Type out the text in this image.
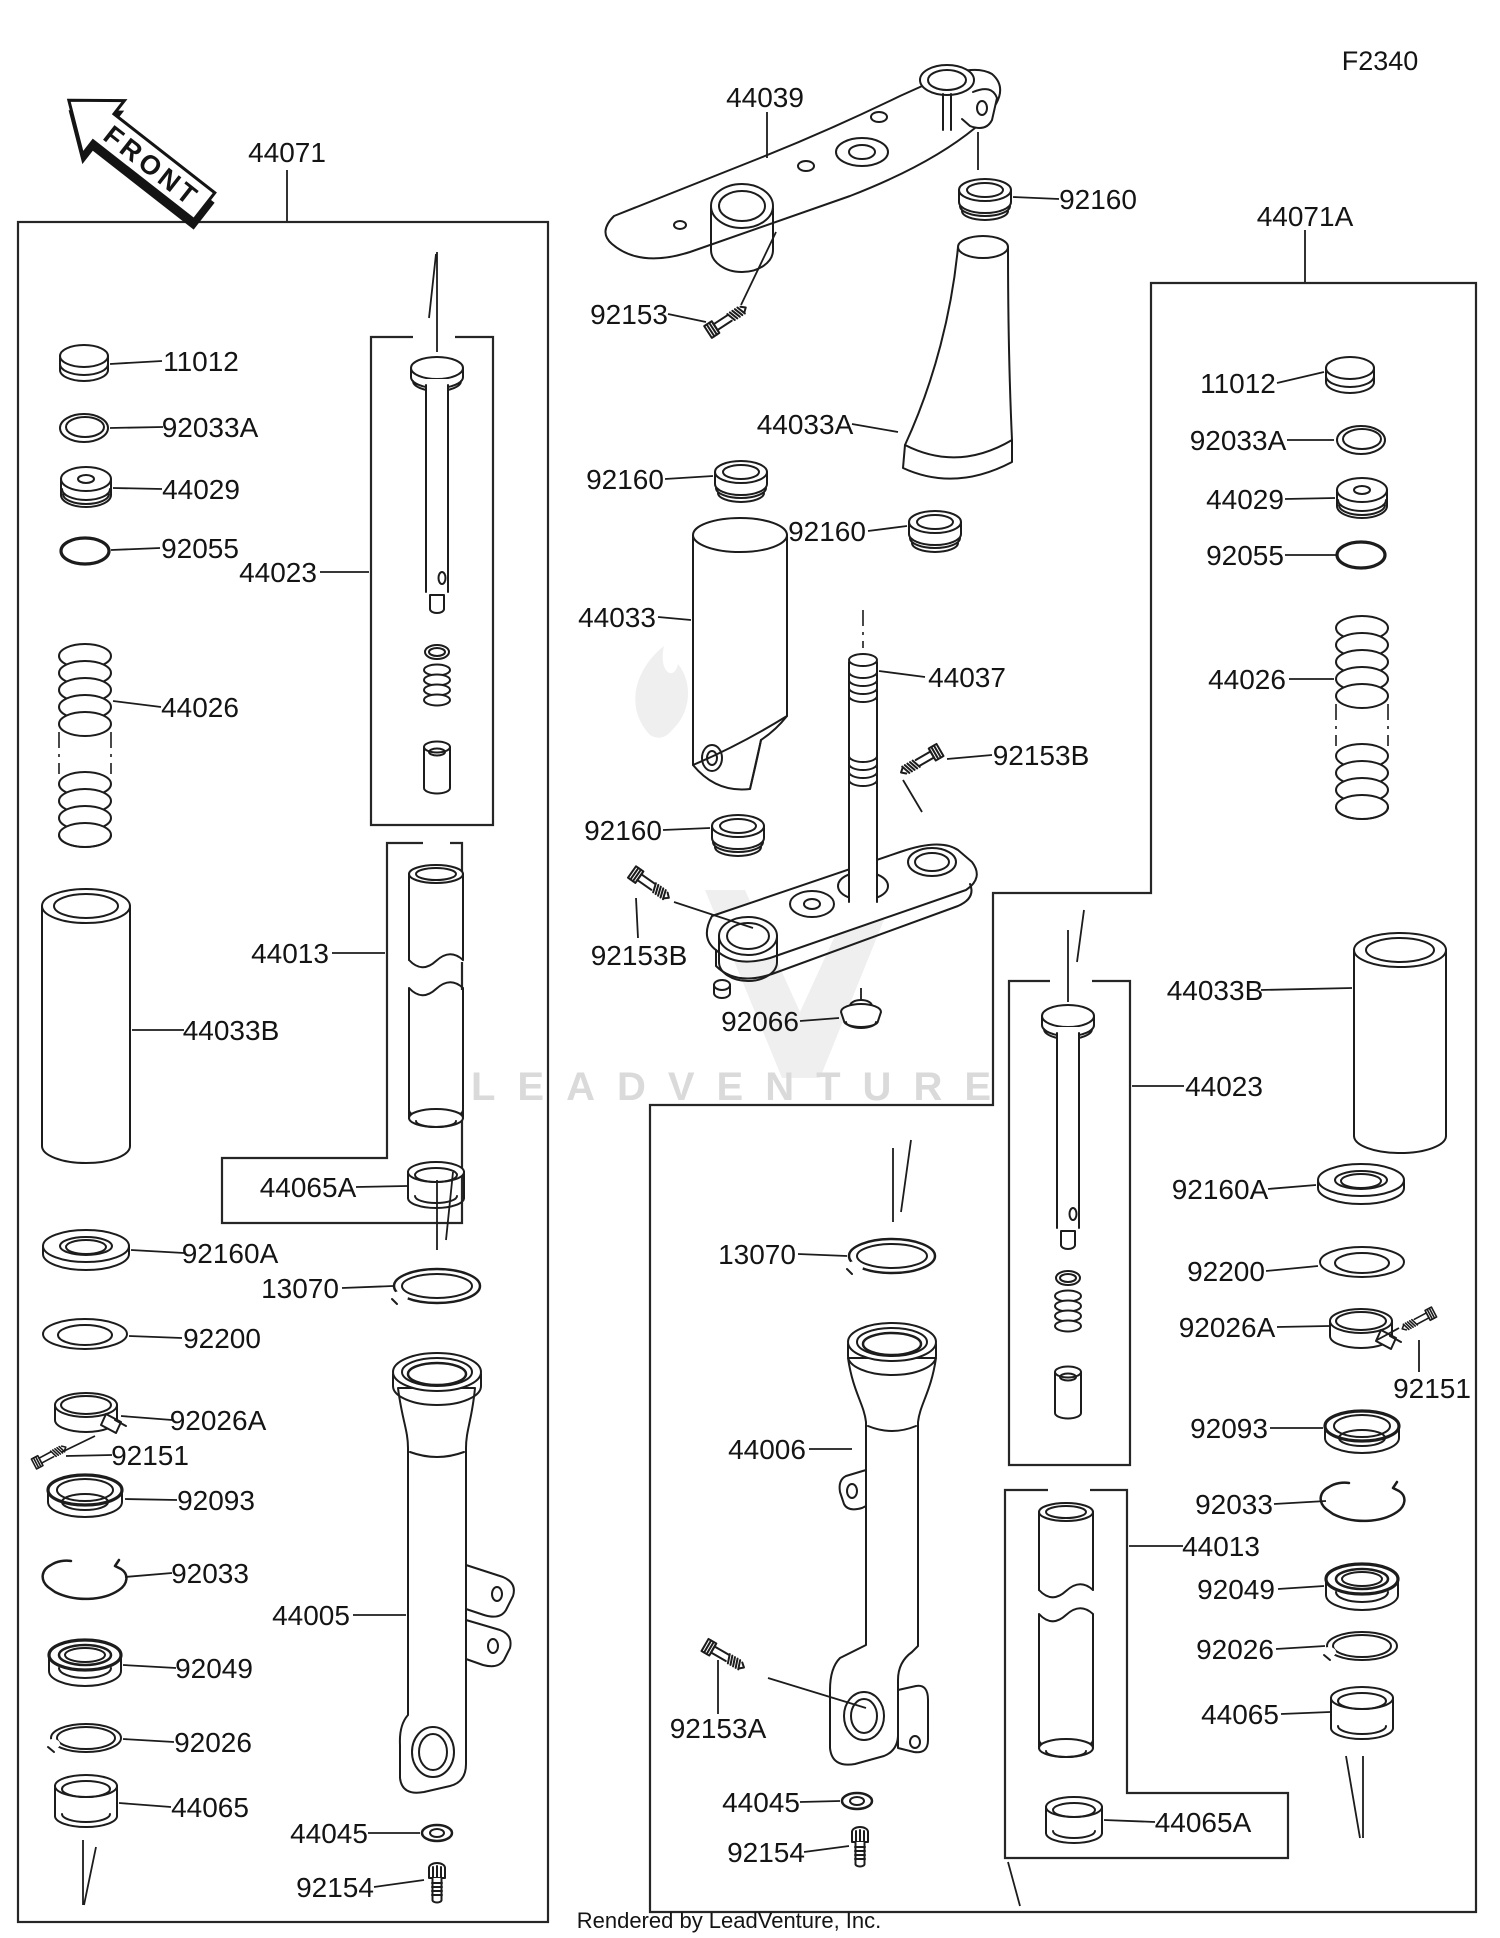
LEADVENTURE
FRONT 44071
44039
92160
92153
44071A
11012
92033A
44029
92055
44023
44026
11012
92033A
44029
92055
44026
44033A
92160
92160
44033
44037
92153B
92160
92153B
92066
44033B
44023
13070
44006
92160A
92200
92026A
92151
92093
92033
44013
92049
92026
44065
44065A
44013
44033B
44065A
92160A
13070
92200
92026A
92151
92093
92033
44005
92049
92026
44065
44045
92154
92153A
44045
92154
F2340
Rendered by LeadVenture, Inc.
